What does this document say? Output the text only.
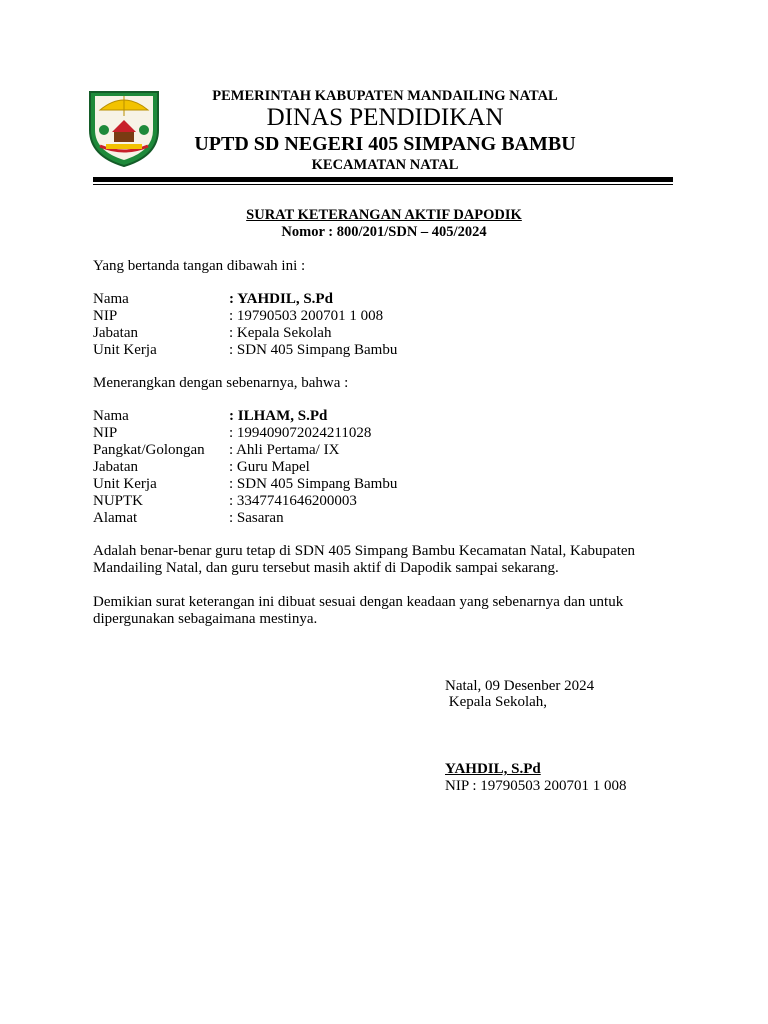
PEMERINTAH KABUPATEN MANDAILING NATAL
DINAS PENDIDIKAN
UPTD SD NEGERI 405 SIMPANG BAMBU
KECAMATAN NATAL
SURAT KETERANGAN AKTIF DAPODIK
Nomor : 800/201/SDN – 405/2024
Yang bertanda tangan dibawah ini :
Nama	: YAHDIL, S.Pd
NIP	: 19790503 200701 1 008
Jabatan	: Kepala Sekolah
Unit Kerja	: SDN 405 Simpang Bambu
Menerangkan dengan sebenarnya, bahwa :
Nama	: ILHAM, S.Pd
NIP	: 199409072024211028
Pangkat/Golongan : Ahli Pertama/ IX
Jabatan	: Guru Mapel
Unit Kerja	: SDN 405 Simpang Bambu
NUPTK	: 3347741646200003
Alamat	: Sasaran
Adalah benar-benar guru tetap di SDN 405 Simpang Bambu Kecamatan Natal, Kabupaten
Mandailing Natal, dan guru tersebut masih aktif di Dapodik sampai sekarang.
Demikian surat keterangan ini dibuat sesuai dengan keadaan yang sebenarnya dan untuk
dipergunakan sebagaimana mestinya.
Natal, 09 Desenber 2024
Kepala Sekolah,
YAHDIL, S.Pd
NIP : 19790503 200701 1 008
